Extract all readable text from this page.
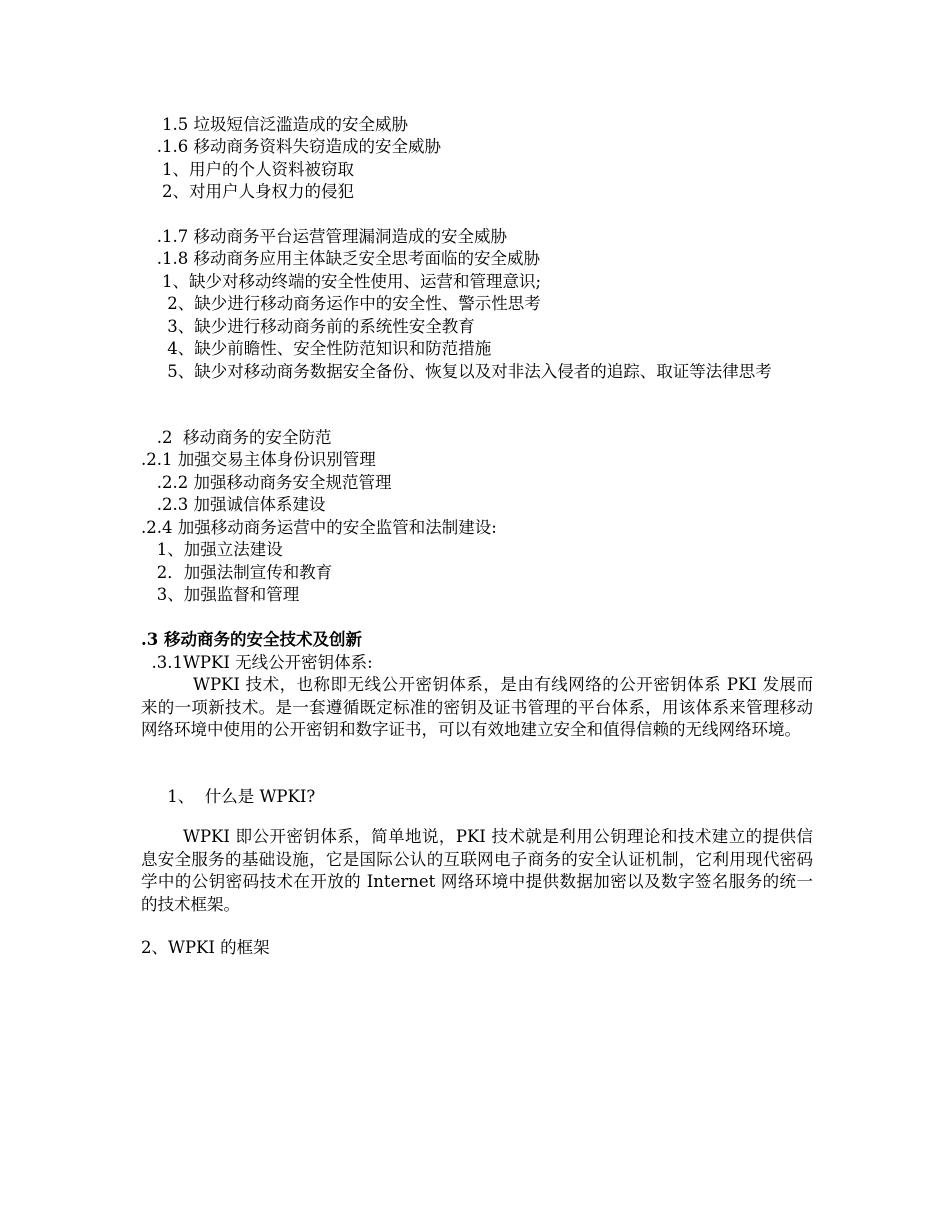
1.5 垃圾短信泛滥造成的安全威胁
.1.6 移动商务资料失窃造成的安全威胁
1、用户的个人资料被窃取
2、对用户人身权力的侵犯
.1.7 移动商务平台运营管理漏洞造成的安全威胁
.1.8 移动商务应用主体缺乏安全思考面临的安全威胁
1、缺少对移动终端的安全性使用、运营和管理意识;
2、缺少进行移动商务运作中的安全性、警示性思考
3、缺少进行移动商务前的系统性安全教育
4、缺少前瞻性、安全性防范知识和防范措施
5、缺少对移动商务数据安全备份、恢复以及对非法入侵者的追踪、取证等法律思考
.2  移动商务的安全防范
.2.1 加强交易主体身份识别管理
.2.2 加强移动商务安全规范管理
.2.3 加强诚信体系建设
.2.4 加强移动商务运营中的安全监管和法制建设:
1、加强立法建设
2．加强法制宣传和教育
3、加强监督和管理
.3 移动商务的安全技术及创新
.3.1WPKI 无线公开密钥体系:
WPKI 技术，也称即无线公开密钥体系，是由有线网络的公开密钥体系 PKI 发展而来的一项新技术。是一套遵循既定标准的密钥及证书管理的平台体系，用该体系来管理移动网络环境中使用的公开密钥和数字证书，可以有效地建立安全和值得信赖的无线网络环境。
1、  什么是 WPKI?
WPKI 即公开密钥体系，简单地说，PKI 技术就是利用公钥理论和技术建立的提供信息安全服务的基础设施，它是国际公认的互联网电子商务的安全认证机制，它利用现代密码学中的公钥密码技术在开放的 Internet 网络环境中提供数据加密以及数字签名服务的统一的技术框架。
2、WPKI 的框架
